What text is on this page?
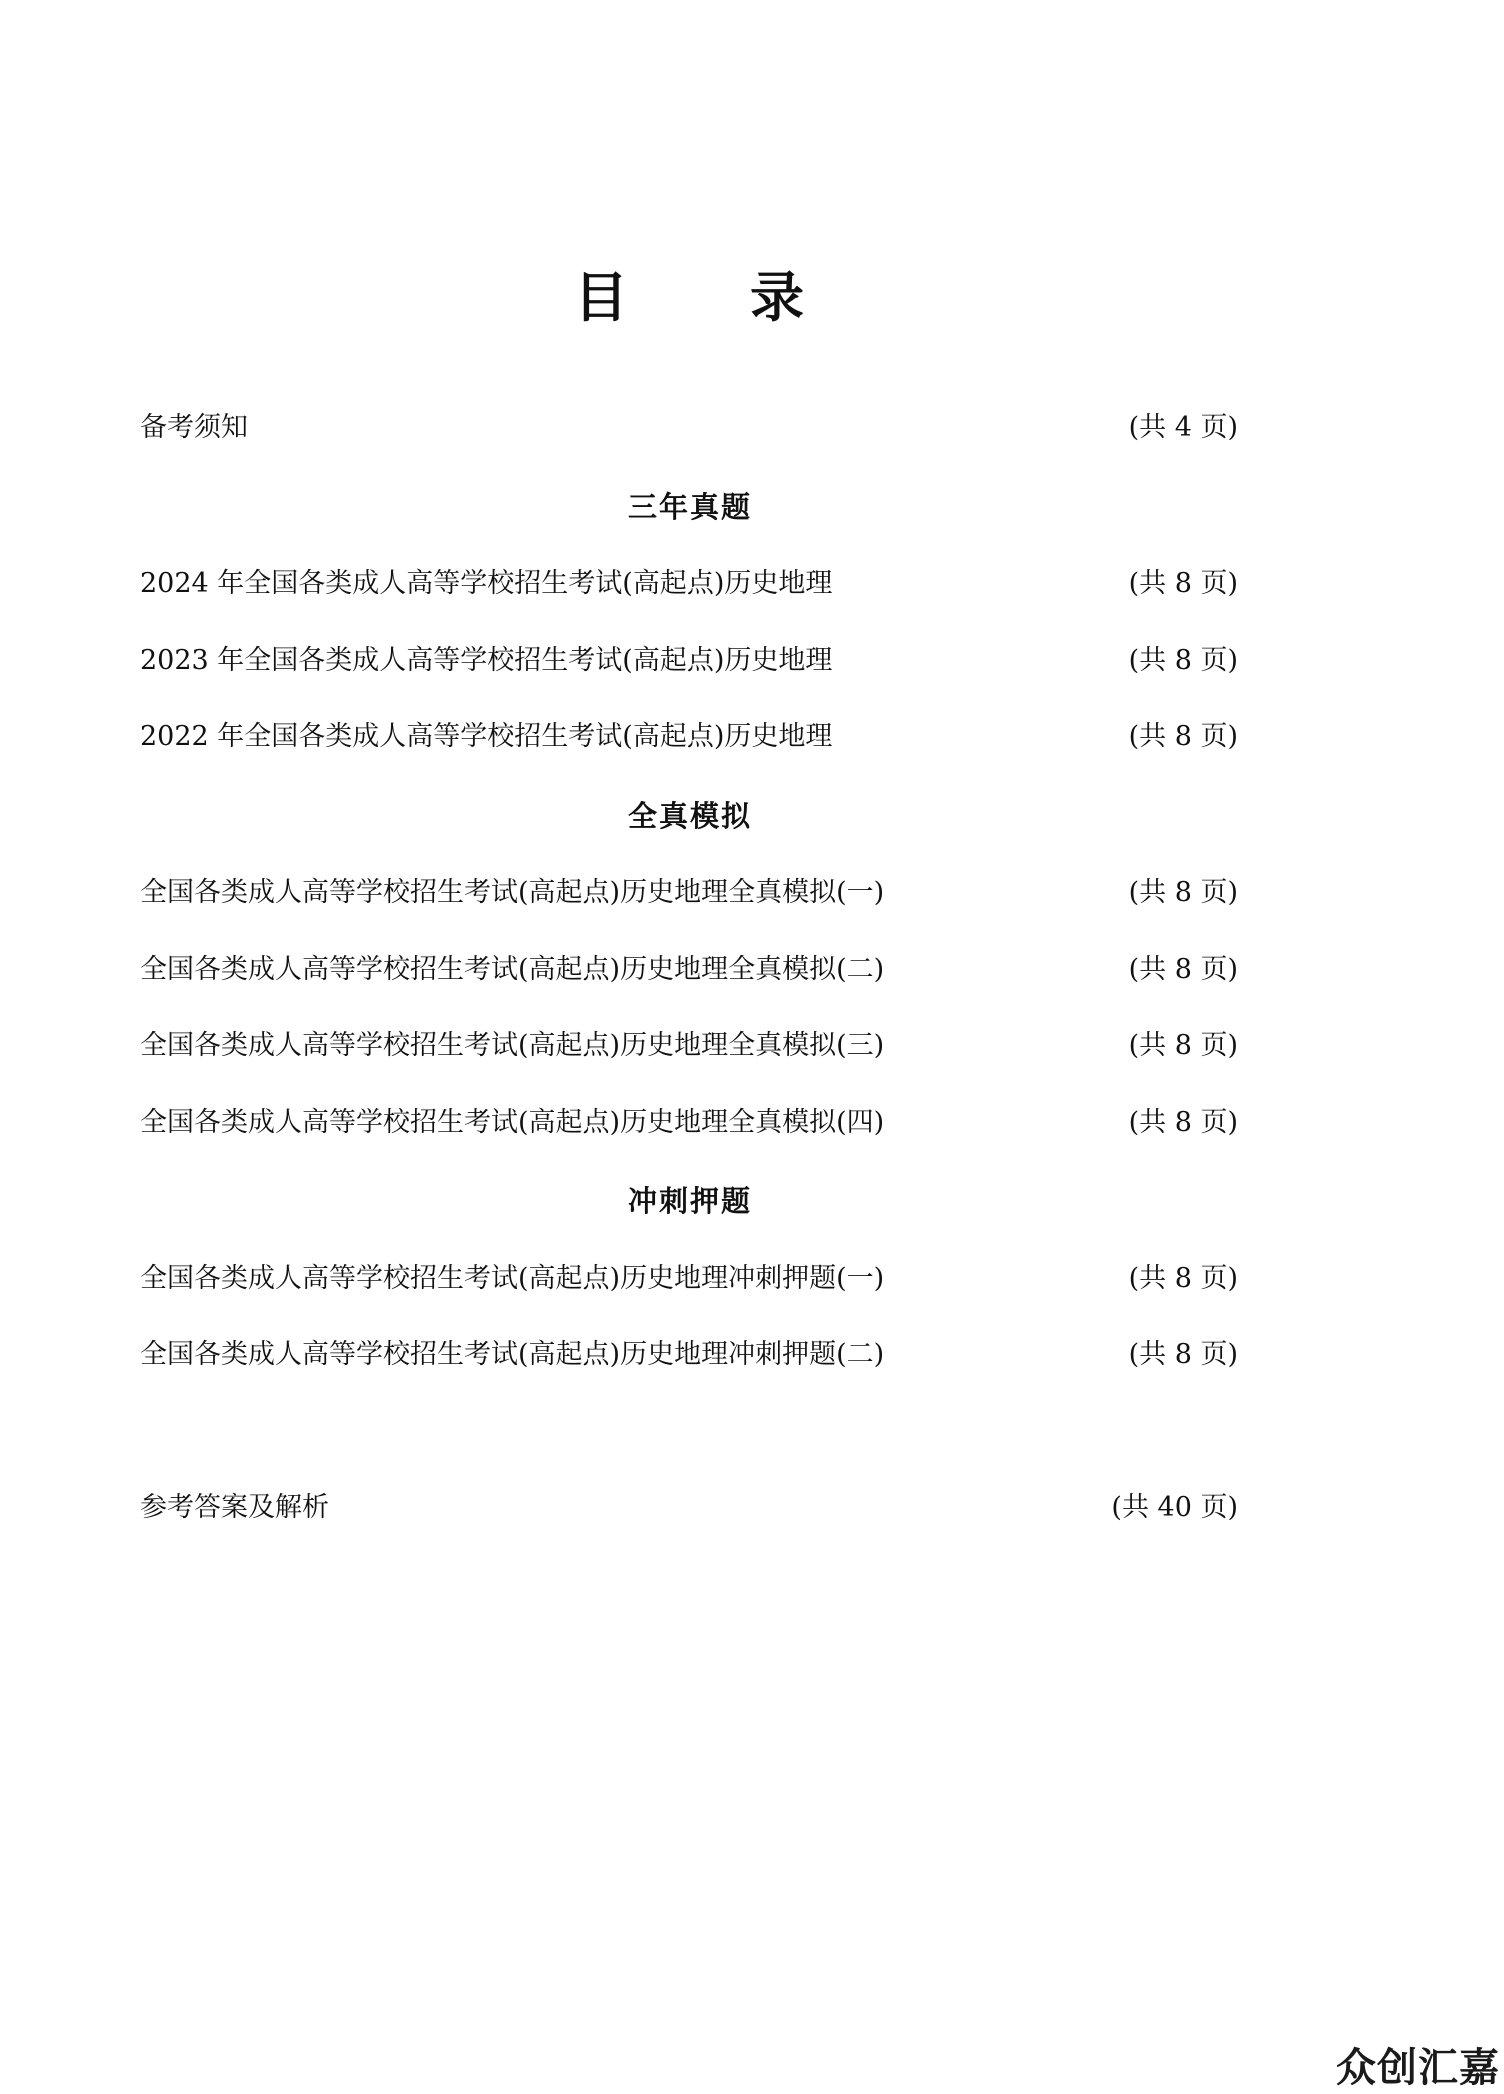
目 录
备考须知	(共 4 页)
三年真题
2024 年全国各类成人高等学校招生考试(高起点)历史地理	(共 8 页)
2023 年全国各类成人高等学校招生考试(高起点)历史地理	(共 8 页)
2022 年全国各类成人高等学校招生考试(高起点)历史地理	(共 8 页)
全真模拟
全国各类成人高等学校招生考试(高起点)历史地理全真模拟(一)	(共 8 页)
全国各类成人高等学校招生考试(高起点)历史地理全真模拟(二)	(共 8 页)
全国各类成人高等学校招生考试(高起点)历史地理全真模拟(三)	(共 8 页)
全国各类成人高等学校招生考试(高起点)历史地理全真模拟(四)	(共 8 页)
冲刺押题
全国各类成人高等学校招生考试(高起点)历史地理冲刺押题(一)	(共 8 页)
全国各类成人高等学校招生考试(高起点)历史地理冲刺押题(二)	(共 8 页)
参考答案及解析	(共 40 页)
众创汇嘉
